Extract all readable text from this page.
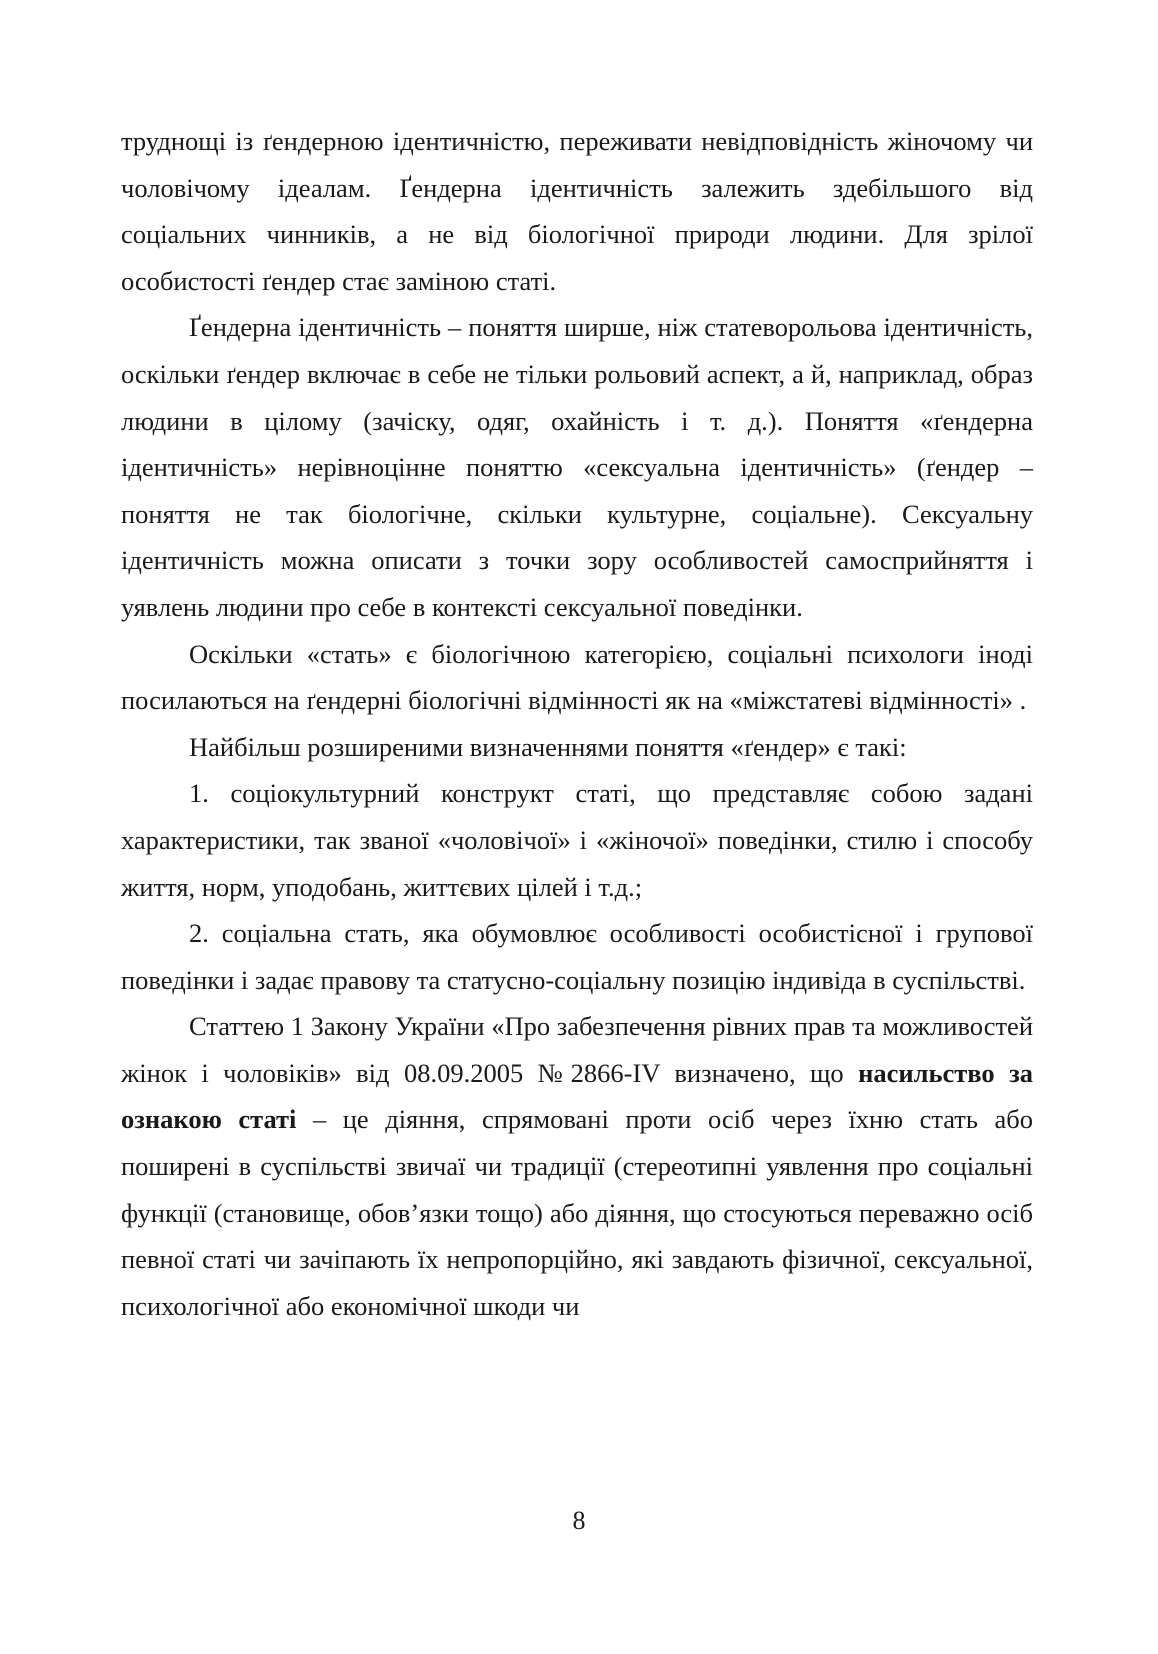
труднощі із ґендерною ідентичністю, переживати невідповідність жіночому чи чоловічому ідеалам. Ґендерна ідентичність залежить здебільшого від соціальних чинників, а не від біологічної природи людини. Для зрілої особистості ґендер стає заміною статі.

Ґендерна ідентичність – поняття ширше, ніж статеворольова ідентичність, оскільки ґендер включає в себе не тільки рольовий аспект, а й, наприклад, образ людини в цілому (зачіску, одяг, охайність і т. д.). Поняття «ґендерна ідентичність» нерівноцінне поняттю «сексуальна ідентичність» (ґендер – поняття не так біологічне, скільки культурне, соціальне). Сексуальну ідентичність можна описати з точки зору особливостей самосприйняття і уявлень людини про себе в контексті сексуальної поведінки.

Оскільки «стать» є біологічною категорією, соціальні психологи іноді посилаються на ґендерні біологічні відмінності як на «міжстатеві відмінності» .

Найбільш розширеними визначеннями поняття «ґендер» є такі:

1. соціокультурний конструкт статі, що представляє собою задані характеристики, так званої «чоловічої» і «жіночої» поведінки, стилю і способу життя, норм, уподобань, життєвих цілей і т.д.;

2. соціальна стать, яка обумовлює особливості особистісної і групової поведінки і задає правову та статусно-соціальну позицію індивіда в суспільстві.

Статтею 1 Закону України «Про забезпечення рівних прав та можливостей жінок і чоловіків» від 08.09.2005 №2866-IV визначено, що насильство за ознакою статі – це діяння, спрямовані проти осіб через їхню стать або поширені в суспільстві звичаї чи традиції (стереотипні уявлення про соціальні функції (становище, обов’язки тощо) або діяння, що стосуються переважно осіб певної статі чи зачіпають їх непропорційно, які завдають фізичної, сексуальної, психологічної або економічної шкоди чи

8
